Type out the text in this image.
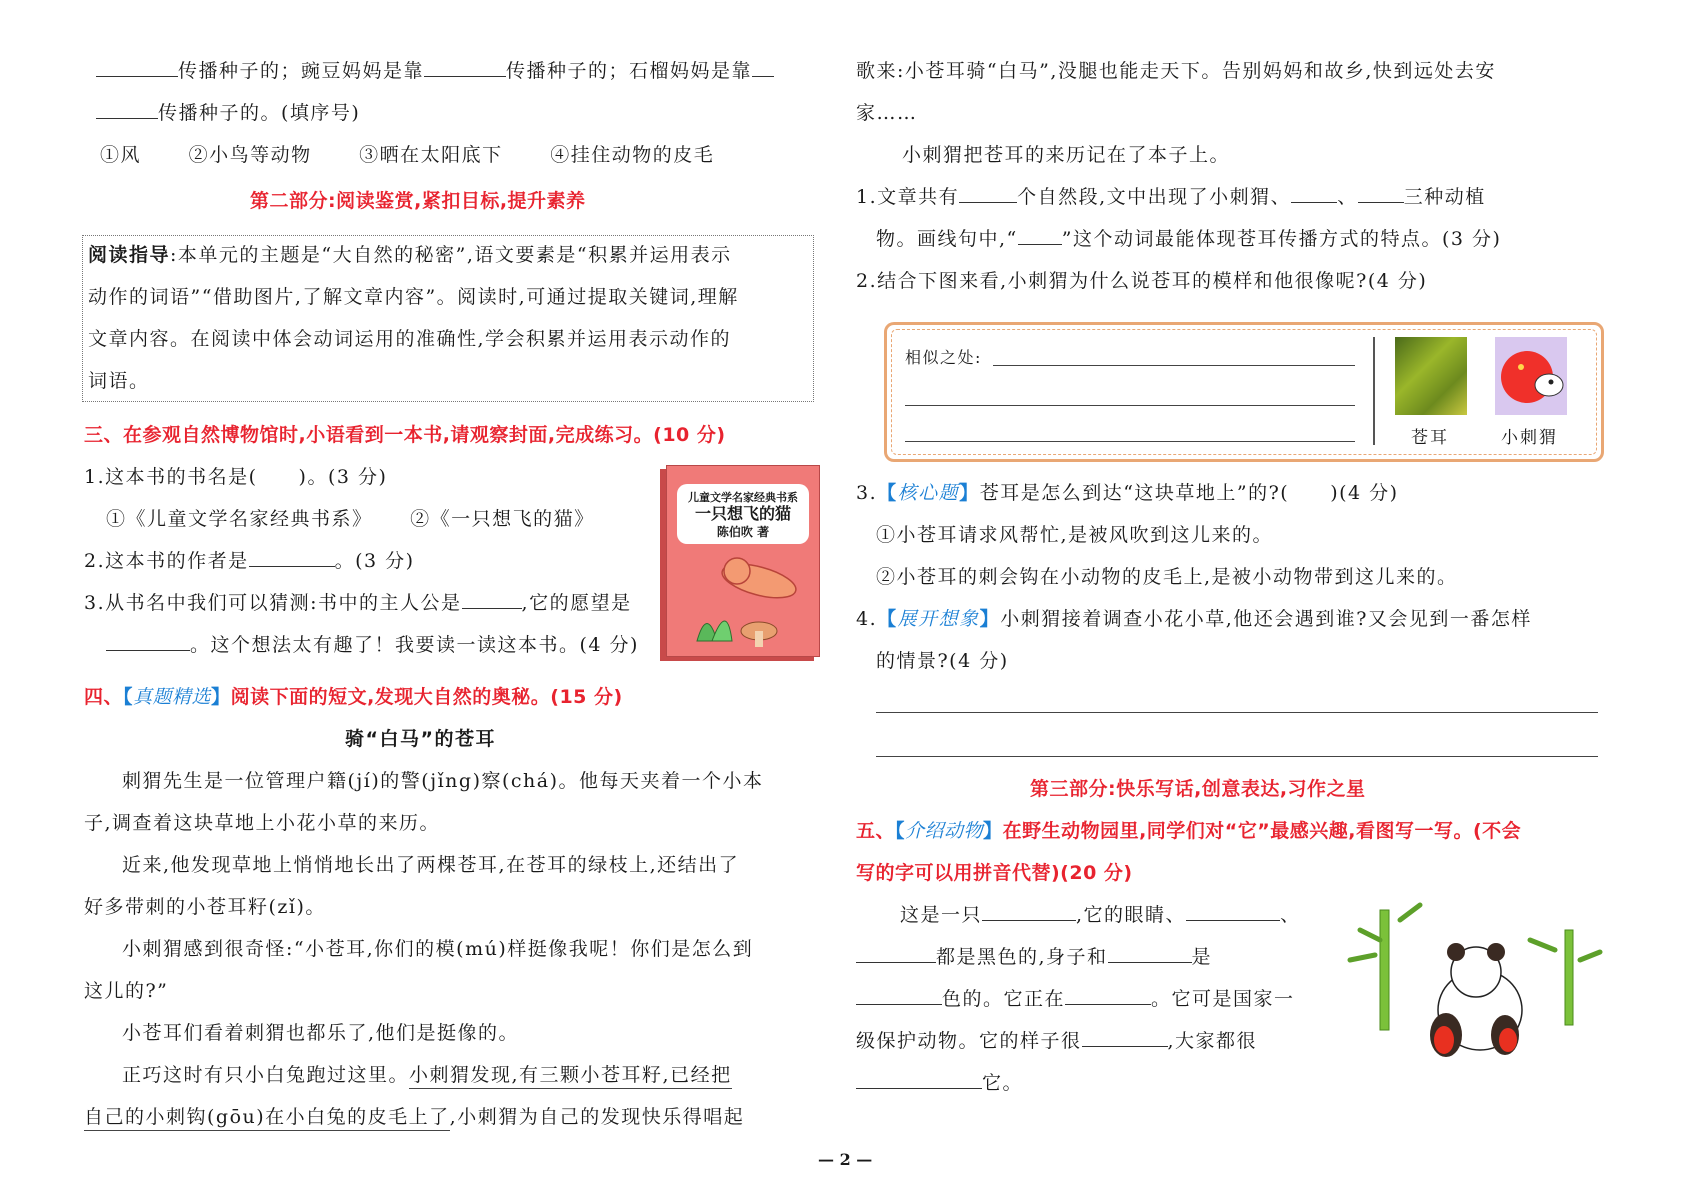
传播种子的；豌豆妈妈是靠	传播种子的；石榴妈妈是靠
传播种子的。(填序号)
①风	②小鸟等动物	③晒在太阳底下	④挂住动物的皮毛
第二部分:阅读鉴赏,紧扣目标,提升素养
阅读指导:本单元的主题是“大自然的秘密”,语文要素是“积累并运用表示
动作的词语”“借助图片,了解文章内容”。阅读时,可通过提取关键词,理解
文章内容。在阅读中体会动词运用的准确性,学会积累并运用表示动作的
词语。
三、在参观自然博物馆时,小语看到一本书,请观察封面,完成练习。(10 分)
1.这本书的书名是(　　)。(3 分)
①《儿童文学名家经典书系》 ②《一只想飞的猫》
2.这本书的作者是	。(3 分)
3.从书名中我们可以猜测:书中的主人公是	,它的愿望是
。这个想法太有趣了！我要读一读这本书。(4 分)
儿童文学名家经典书系
一只想飞的猫
陈伯吹 著
四、【真题精选】阅读下面的短文,发现大自然的奥秘。(15 分)
骑“白马”的苍耳
刺猬先生是一位管理户籍(jí)的警(jǐng)察(chá)。他每天夹着一个小本
子,调查着这块草地上小花小草的来历。
近来,他发现草地上悄悄地长出了两棵苍耳,在苍耳的绿枝上,还结出了
好多带刺的小苍耳籽(zǐ)。
小刺猬感到很奇怪:“小苍耳,你们的模(mú)样挺像我呢！你们是怎么到
这儿的?”
小苍耳们看着刺猬也都乐了,他们是挺像的。
正巧这时有只小白兔跑过这里。小刺猬发现,有三颗小苍耳籽,已经把
自己的小刺钩(gōu)在小白兔的皮毛上了,小刺猬为自己的发现快乐得唱起
歌来:小苍耳骑“白马”,没腿也能走天下。告别妈妈和故乡,快到远处去安
家……
小刺猬把苍耳的来历记在了本子上。
1.文章共有	个自然段,文中出现了小刺猬、 、 三种动植
物。画线句中,“ ”这个动词最能体现苍耳传播方式的特点。(3 分)
2.结合下图来看,小刺猬为什么说苍耳的模样和他很像呢?(4 分)
相似之处:
苍耳	小刺猬
3.【核心题】苍耳是怎么到达“这块草地上”的?(　　)(4 分)
①小苍耳请求风帮忙,是被风吹到这儿来的。
②小苍耳的刺会钩在小动物的皮毛上,是被小动物带到这儿来的。
4.【展开想象】小刺猬接着调查小花小草,他还会遇到谁?又会见到一番怎样
的情景?(4 分)
第三部分:快乐写话,创意表达,习作之星
五、【介绍动物】在野生动物园里,同学们对“它”最感兴趣,看图写一写。(不会
写的字可以用拼音代替)(20 分)
这是一只	,它的眼睛、	、
都是黑色的,身子和	是
色的。它正在	。它可是国家一
级保护动物。它的样子很	,大家都很
它。
— 2 —
